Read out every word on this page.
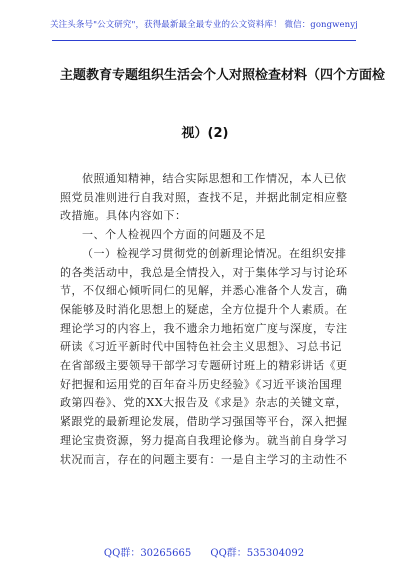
关注头条号"公文研究"，获得最新最全最专业的公文资料库！ 微信：gongwenyj
主题教育专题组织生活会个人对照检查材料（四个方面检
视）(2)
依照通知精神，结合实际思想和工作情况，本人已依
照党员准则进行自我对照，查找不足，并据此制定相应整
改措施。具体内容如下：
一、个人检视四个方面的问题及不足
（一）检视学习贯彻党的创新理论情况。在组织安排
的各类活动中，我总是全情投入，对于集体学习与讨论环
节，不仅细心倾听同仁的见解，并悉心准备个人发言，确
保能够及时消化思想上的疑虑，全方位提升个人素质。在
理论学习的内容上，我不遗余力地拓宽广度与深度，专注
研读《习近平新时代中国特色社会主义思想》、习总书记
在省部级主要领导干部学习专题研讨班上的精彩讲话《更
好把握和运用党的百年奋斗历史经验》《习近平谈治国理
政第四卷》、党的XX大报告及《求是》杂志的关键文章，
紧跟党的最新理论发展，借助学习强国等平台，深入把握
理论宝贵资源，努力提高自我理论修为。就当前自身学习
状况而言，存在的问题主要有：一是自主学习的主动性不
QQ群：30265665 QQ群：535304092
